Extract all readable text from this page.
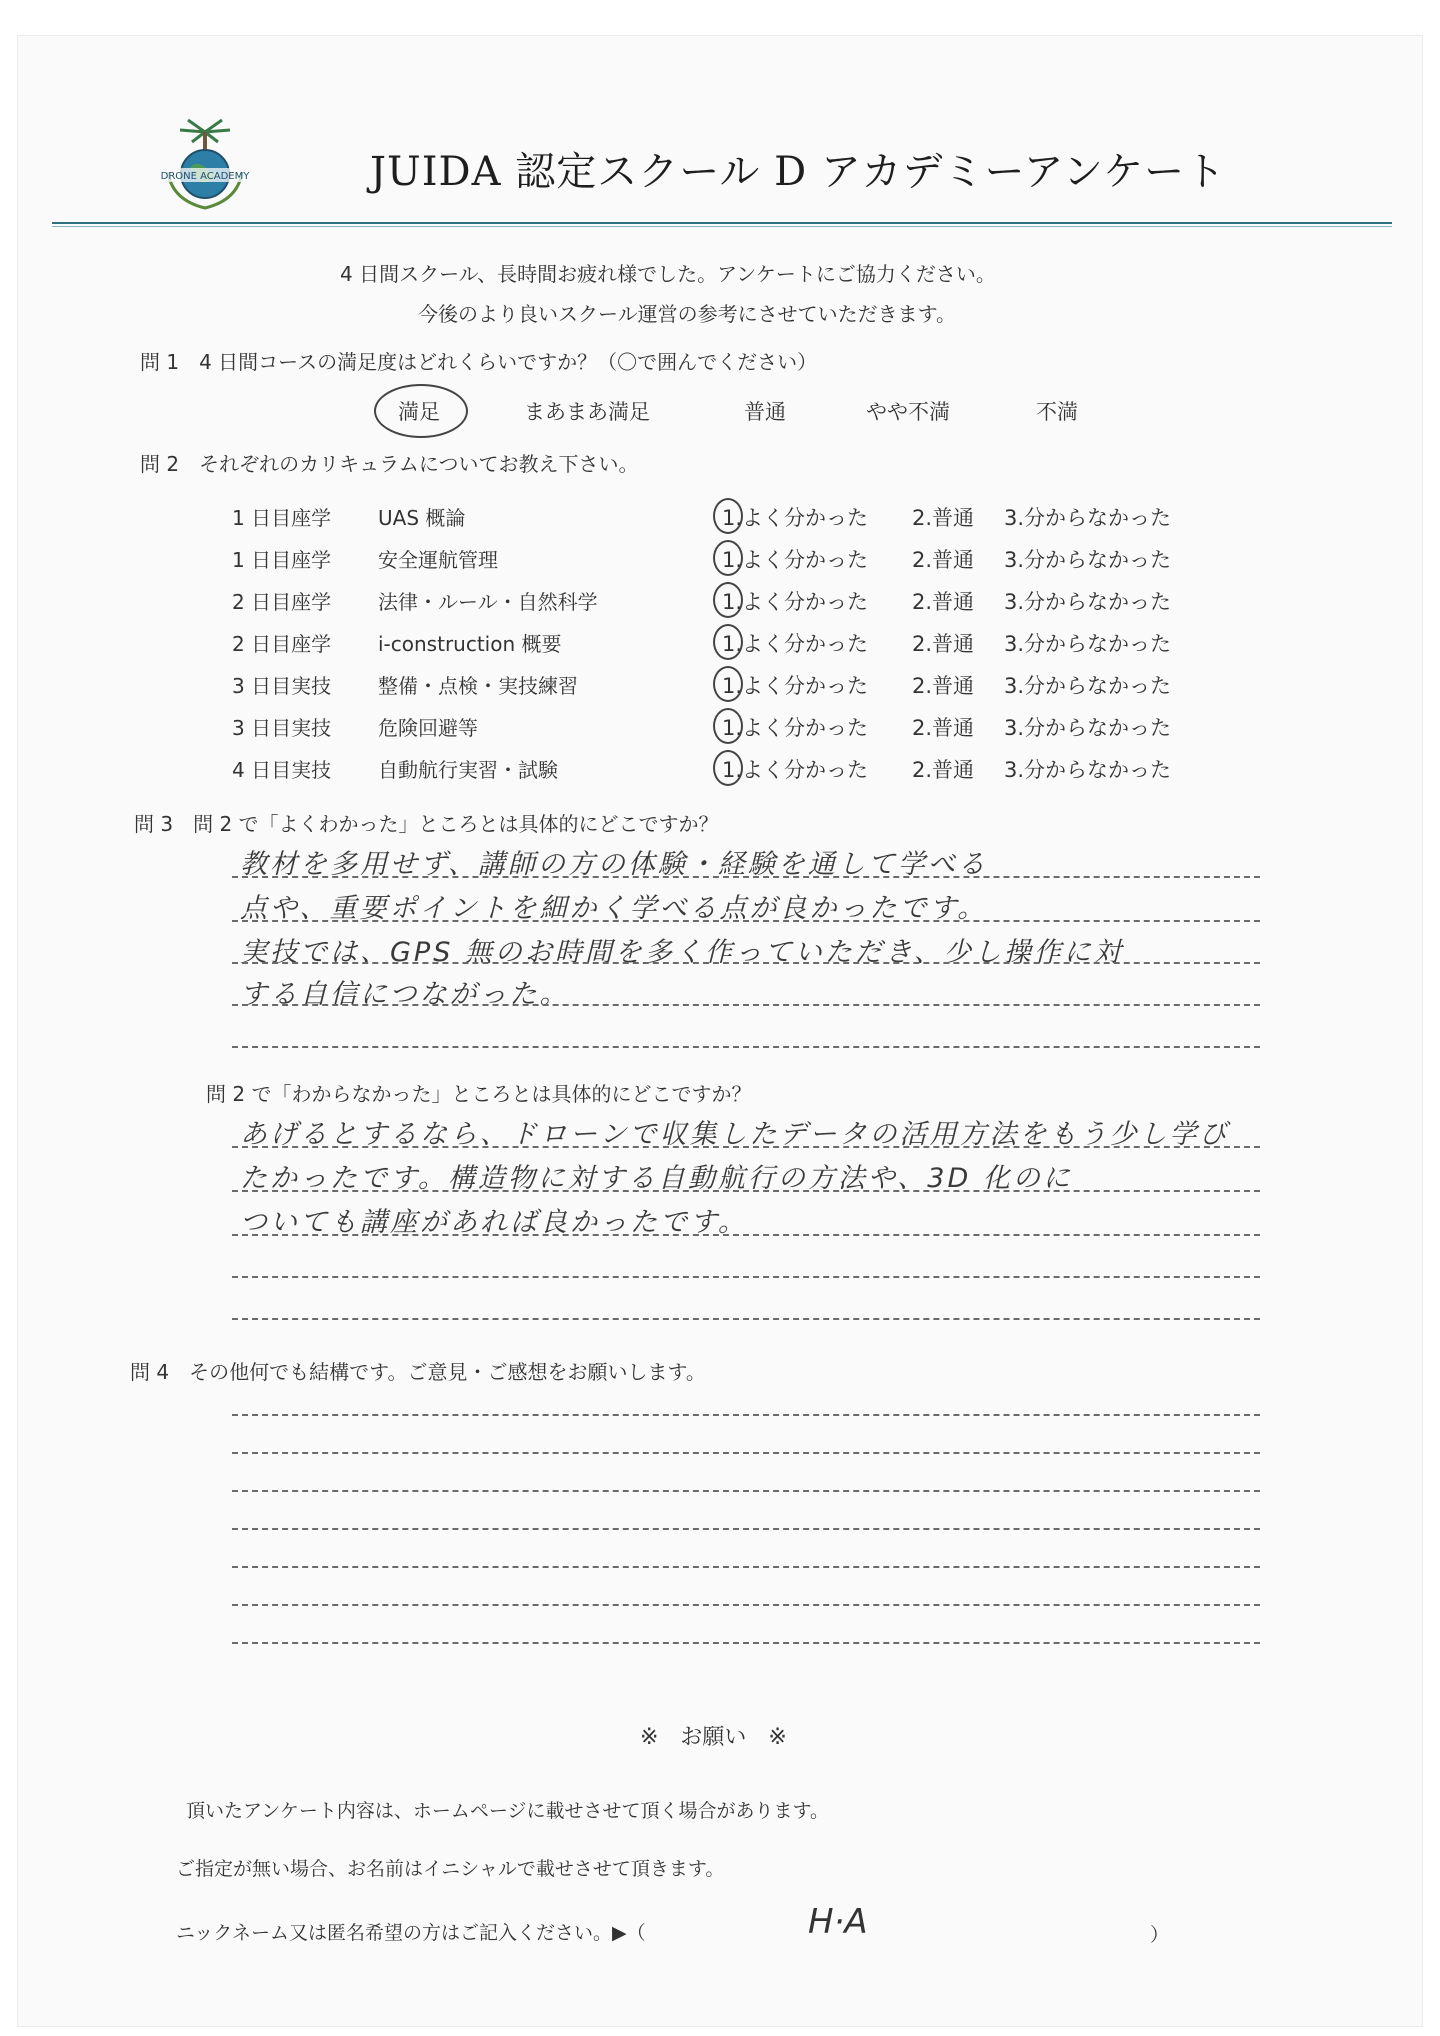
DRONE ACADEMY	JUIDA 認定スクール D アカデミーアンケート
4 日間スクール、長時間お疲れ様でした。アンケートにご協力ください。
今後のより良いスクール運営の参考にさせていただきます。
問 1　4 日間コースの満足度はどれくらいですか？（〇で囲んでください）
満足	まあまあ満足	普通	やや不満	不満
問 2　それぞれのカリキュラムについてお教え下さい。
1 日目座学 UAS 概論	1.よく分かった 2.普通 3.分からなかった
1 日目座学 安全運航管理	1.よく分かった 2.普通 3.分からなかった
2 日目座学 法律・ルール・自然科学	1.よく分かった 2.普通 3.分からなかった
2 日目座学 i-construction 概要	1.よく分かった 2.普通 3.分からなかった
3 日目実技 整備・点検・実技練習	1.よく分かった 2.普通 3.分からなかった
3 日目実技 危険回避等	1.よく分かった 2.普通 3.分からなかった
4 日目実技 自動航行実習・試験	1.よく分かった 2.普通 3.分からなかった
問 3　問 2 で「よくわかった」ところとは具体的にどこですか？
教材を多用せず、講師の方の体験・経験を通して学べる
点や、重要ポイントを細かく学べる点が良かったです。
実技では、GPS 無のお時間を多く作っていただき、少し操作に対
する自信につながった。
問 2 で「わからなかった」ところとは具体的にどこですか？
あげるとするなら、ドローンで収集したデータの活用方法をもう少し学び
たかったです。構造物に対する自動航行の方法や、3D 化のに
ついても講座があれば良かったです。
問 4　その他何でも結構です。ご意見・ご感想をお願いします。
※　お願い　※
頂いたアンケート内容は、ホームページに載せさせて頂く場合があります。
ご指定が無い場合、お名前はイニシャルで載せさせて頂きます。
ニックネーム又は匿名希望の方はご記入ください。▶（	H·A	）
